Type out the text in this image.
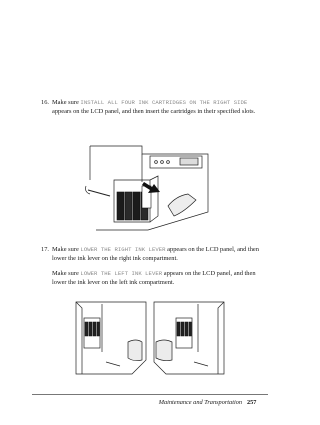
16. Make sure INSTALL ALL FOUR INK CARTRIDGES ON THE RIGHT SIDE appears on the LCD panel, and then insert the cartridges in their specified slots.
17. Make sure LOWER THE RIGHT INK LEVER appears on the LCD panel, and then lower the ink lever on the right ink compartment.
Make sure LOWER THE LEFT INK LEVER appears on the LCD panel, and then lower the ink lever on the left ink compartment.
Maintenance and Transportation 257
